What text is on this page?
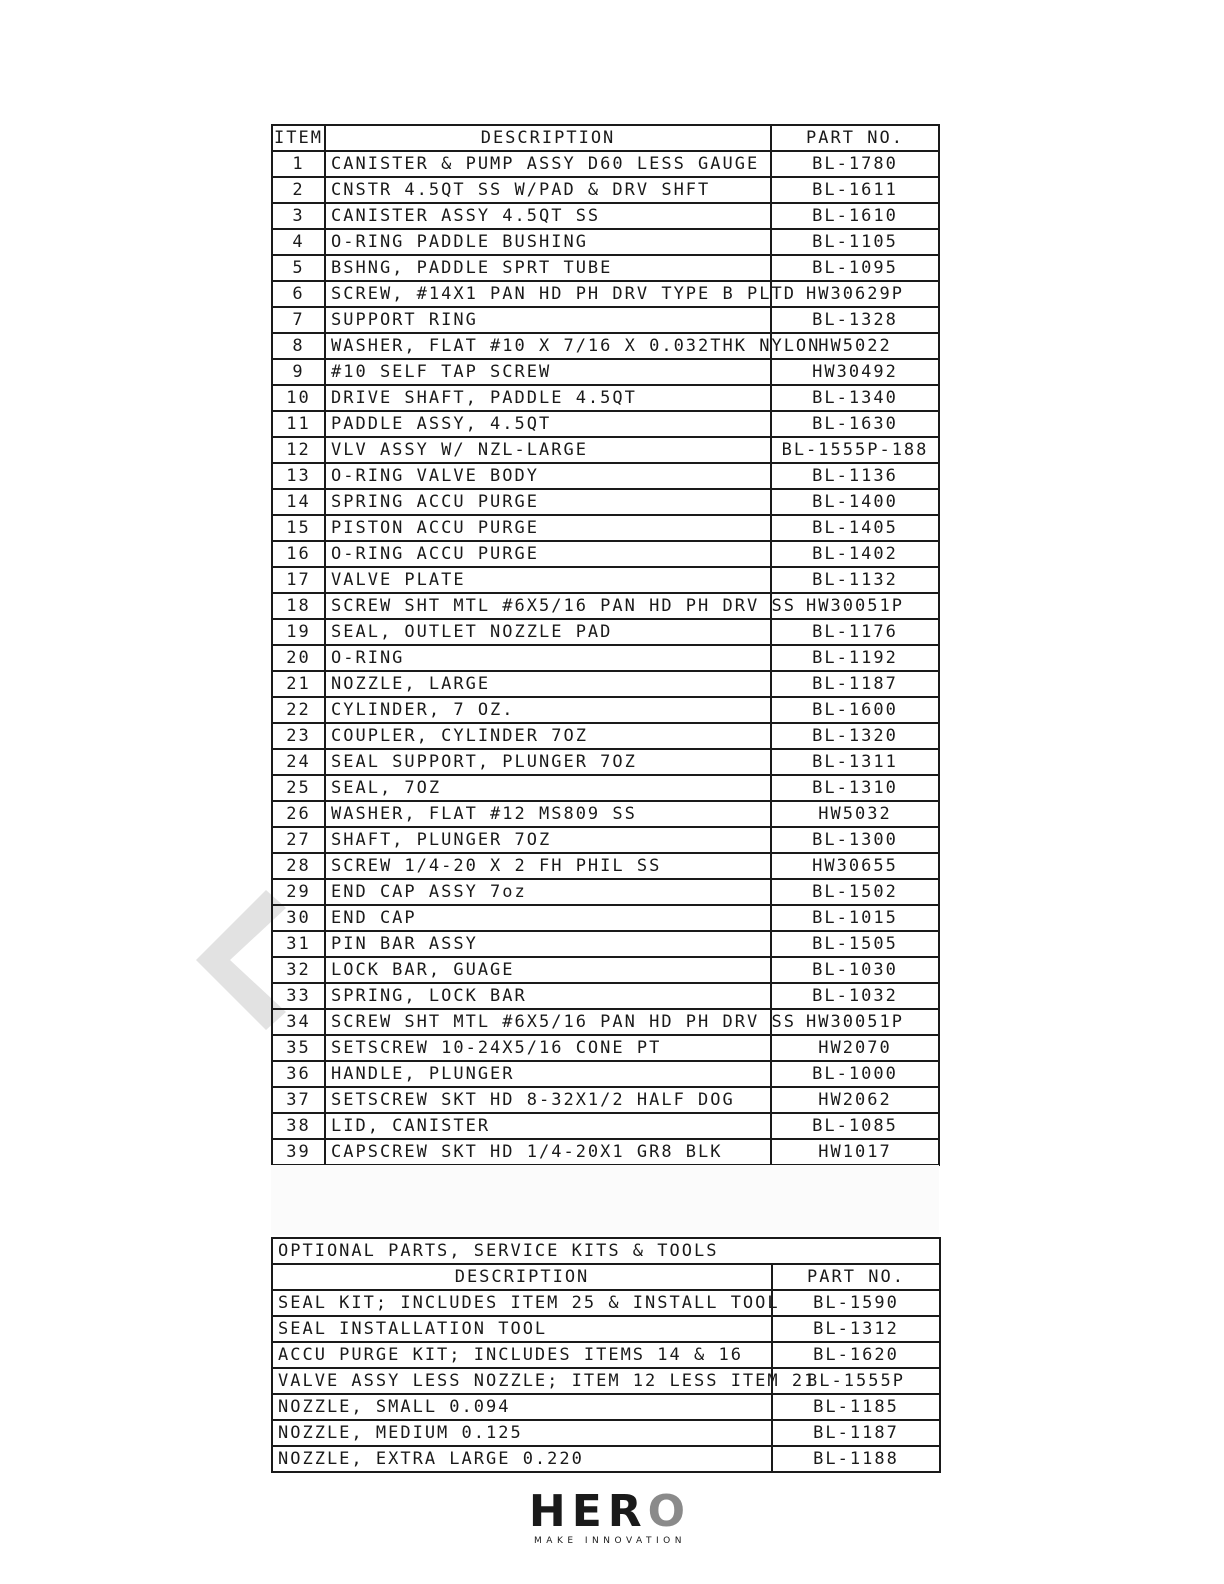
ITEM	DESCRIPTION	PART NO.
1	CANISTER & PUMP ASSY D60 LESS GAUGE	BL-1780
2	CNSTR 4.5QT SS W/PAD & DRV SHFT	BL-1611
3	CANISTER ASSY 4.5QT SS	BL-1610
4	O-RING PADDLE BUSHING	BL-1105
5	BSHNG, PADDLE SPRT TUBE	BL-1095
6	SCREW, #14X1 PAN HD PH DRV TYPE B PLTD	HW30629P
7	SUPPORT RING	BL-1328
8	WASHER, FLAT #10 X 7/16 X 0.032THK NYLON	HW5022
9	#10 SELF TAP SCREW	HW30492
10	DRIVE SHAFT, PADDLE 4.5QT	BL-1340
11	PADDLE ASSY, 4.5QT	BL-1630
12	VLV ASSY W/ NZL-LARGE	BL-1555P-188
13	O-RING VALVE BODY	BL-1136
14	SPRING ACCU PURGE	BL-1400
15	PISTON ACCU PURGE	BL-1405
16	O-RING ACCU PURGE	BL-1402
17	VALVE PLATE	BL-1132
18	SCREW SHT MTL #6X5/16 PAN HD PH DRV SS	HW30051P
19	SEAL, OUTLET NOZZLE PAD	BL-1176
20	O-RING	BL-1192
21	NOZZLE, LARGE	BL-1187
22	CYLINDER, 7 OZ.	BL-1600
23	COUPLER, CYLINDER 7OZ	BL-1320
24	SEAL SUPPORT, PLUNGER 7OZ	BL-1311
25	SEAL, 7OZ	BL-1310
26	WASHER, FLAT #12 MS809 SS	HW5032
27	SHAFT, PLUNGER 7OZ	BL-1300
28	SCREW 1/4-20 X 2 FH PHIL SS	HW30655
29	END CAP ASSY 7oz	BL-1502
30	END CAP	BL-1015
31	PIN BAR ASSY	BL-1505
32	LOCK BAR, GUAGE	BL-1030
33	SPRING, LOCK BAR	BL-1032
34	SCREW SHT MTL #6X5/16 PAN HD PH DRV SS	HW30051P
35	SETSCREW 10-24X5/16 CONE PT	HW2070
36	HANDLE, PLUNGER	BL-1000
37	SETSCREW SKT HD 8-32X1/2 HALF DOG	HW2062
38	LID, CANISTER	BL-1085
39	CAPSCREW SKT HD 1/4-20X1 GR8 BLK	HW1017
OPTIONAL PARTS, SERVICE KITS & TOOLS	
DESCRIPTION	PART NO.
SEAL KIT; INCLUDES ITEM 25 & INSTALL TOOL	BL-1590
SEAL INSTALLATION TOOL	BL-1312
ACCU PURGE KIT; INCLUDES ITEMS 14 & 16	BL-1620
VALVE ASSY LESS NOZZLE; ITEM 12 LESS ITEM 21	BL-1555P
NOZZLE, SMALL 0.094	BL-1185
NOZZLE, MEDIUM 0.125	BL-1187
NOZZLE, EXTRA LARGE 0.220	BL-1188
HERO
MAKE INNOVATION
